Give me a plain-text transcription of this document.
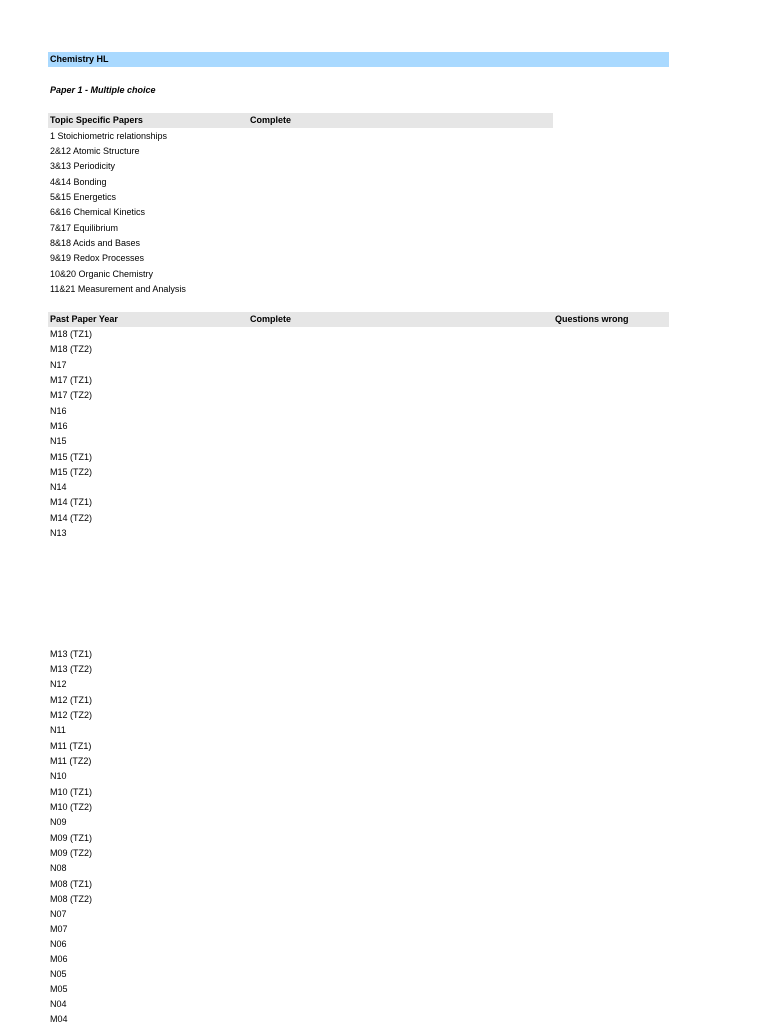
Chemistry HL
Paper 1 - Multiple choice
Topic Specific Papers	Complete
1 Stoichiometric relationships
2&12 Atomic Structure
3&13 Periodicity
4&14 Bonding
5&15 Energetics
6&16 Chemical Kinetics
7&17 Equilibrium
8&18 Acids and Bases
9&19 Redox Processes
10&20 Organic Chemistry
11&21 Measurement and Analysis
Past Paper Year	Complete	Questions wrong
M18 (TZ1)
M18 (TZ2)
N17
M17 (TZ1)
M17 (TZ2)
N16
M16
N15
M15 (TZ1)
M15 (TZ2)
N14
M14 (TZ1)
M14 (TZ2)
N13
M13 (TZ1)
M13 (TZ2)
N12
M12 (TZ1)
M12 (TZ2)
N11
M11 (TZ1)
M11 (TZ2)
N10
M10 (TZ1)
M10 (TZ2)
N09
M09 (TZ1)
M09 (TZ2)
N08
M08 (TZ1)
M08 (TZ2)
N07
M07
N06
M06
N05
M05
N04
M04
